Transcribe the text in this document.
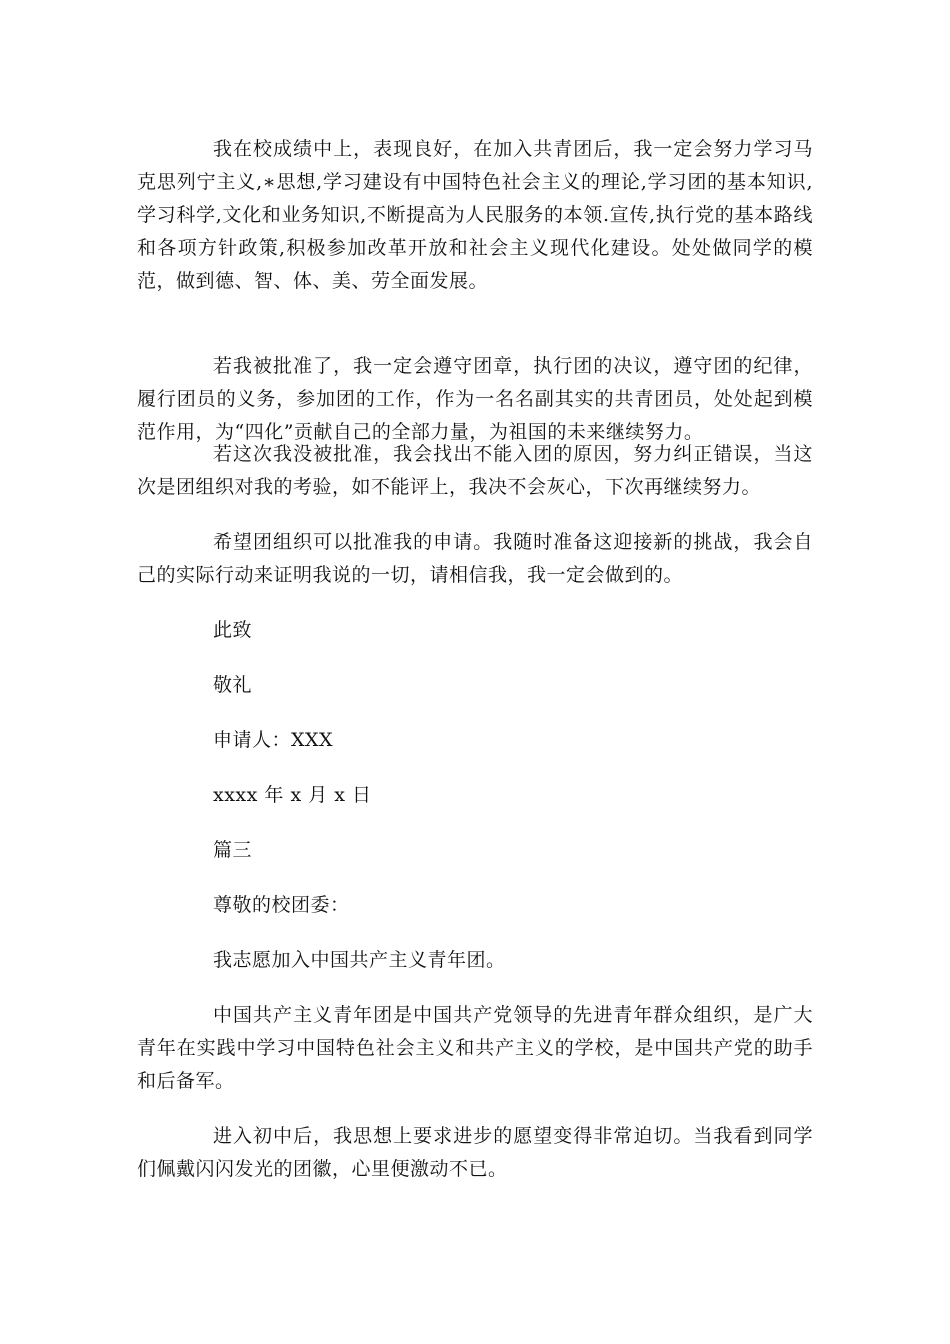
我在校成绩中上，表现良好，在加入共青团后，我一定会努力学习马克思列宁主义,∗思想,学习建设有中国特色社会主义的理论,学习团的基本知识,学习科学,文化和业务知识,不断提高为人民服务的本领.宣传,执行党的基本路线和各项方针政策,积极参加改革开放和社会主义现代化建设。处处做同学的模范，做到德、智、体、美、劳全面发展。

若我被批准了，我一定会遵守团章，执行团的决议，遵守团的纪律，履行团员的义务，参加团的工作，作为一名名副其实的共青团员，处处起到模范作用，为“四化”贡献自己的全部力量，为祖国的未来继续努力。

若这次我没被批准，我会找出不能入团的原因，努力纠正错误，当这次是团组织对我的考验，如不能评上，我决不会灰心，下次再继续努力。

希望团组织可以批准我的申请。我随时准备这迎接新的挑战，我会自己的实际行动来证明我说的一切，请相信我，我一定会做到的。

此致

敬礼

申请人：XXX

xxxx 年 x 月 x 日

篇三

尊敬的校团委：

我志愿加入中国共产主义青年团。

中国共产主义青年团是中国共产党领导的先进青年群众组织，是广大青年在实践中学习中国特色社会主义和共产主义的学校，是中国共产党的助手和后备军。

进入初中后，我思想上要求进步的愿望变得非常迫切。当我看到同学们佩戴闪闪发光的团徽，心里便激动不已。
